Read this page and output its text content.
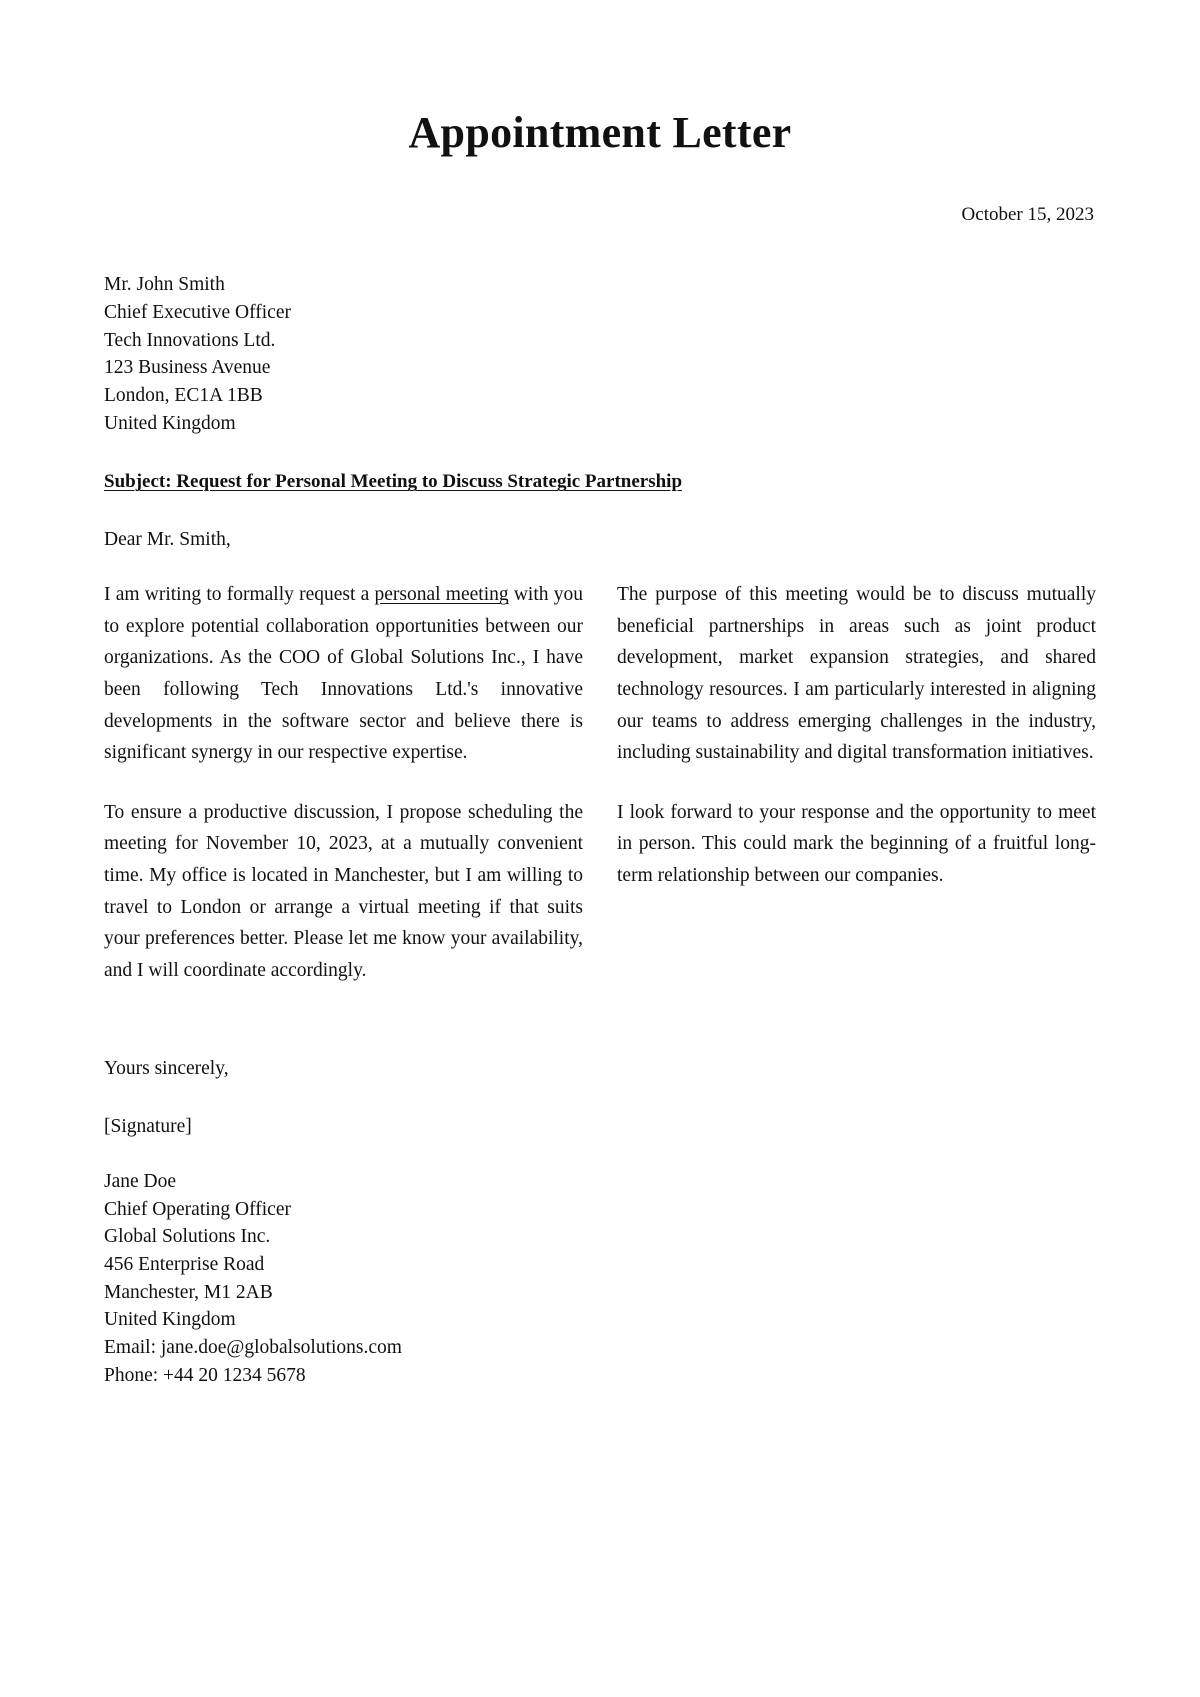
Appointment Letter
October 15, 2023
Mr. John Smith
Chief Executive Officer
Tech Innovations Ltd.
123 Business Avenue
London, EC1A 1BB
United Kingdom
Subject: Request for Personal Meeting to Discuss Strategic Partnership
Dear Mr. Smith,

I am writing to formally request a personal meeting with you to explore potential collaboration opportunities between our organizations. As the COO of Global Solutions Inc., I have been following Tech Innovations Ltd.'s innovative developments in the software sector and believe there is significant synergy in our respective expertise.

To ensure a productive discussion, I propose scheduling the meeting for November 10, 2023, at a mutually convenient time. My office is located in Manchester, but I am willing to travel to London or arrange a virtual meeting if that suits your preferences better. Please let me know your availability, and I will coordinate accordingly.

The purpose of this meeting would be to discuss mutually beneficial partnerships in areas such as joint product development, market expansion strategies, and shared technology resources. I am particularly interested in aligning our teams to address emerging challenges in the industry, including sustainability and digital transformation initiatives.

I look forward to your response and the opportunity to meet in person. This could mark the beginning of a fruitful long-term relationship between our companies.

Yours sincerely,
[Signature]
Jane Doe
Chief Operating Officer
Global Solutions Inc.
456 Enterprise Road
Manchester, M1 2AB
United Kingdom
Email: jane.doe@globalsolutions.com
Phone: +44 20 1234 5678
